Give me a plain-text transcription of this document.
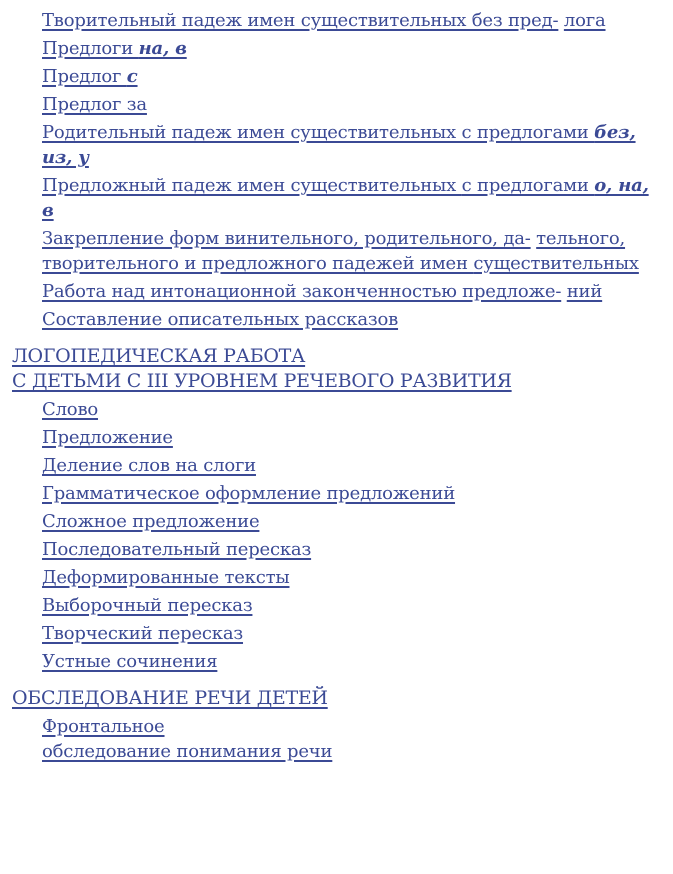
Творительный падеж имен существительных без пред- лога
Предлоги на, в
Предлог с
Предлог за
Родительный падеж имен существительных с предлогами без, из, у
Предложный падеж имен существительных с предлогами о, на, в
Закрепление форм винительного, родительного, да- тельного, творительного и предложного падежей имен существительных
Работа над интонационной законченностью предложе- ний
Составление описательных рассказов
ЛОГОПЕДИЧЕСКАЯ РАБОТА
С ДЕТЬМИ С III УРОВНЕМ РЕЧЕВОГО РАЗВИТИЯ
Слово
Предложение
Деление слов на слоги
Грамматическое оформление предложений
Сложное предложение
Последовательный пересказ
Деформированные тексты
Выборочный пересказ
Творческий пересказ
Устные сочинения
ОБСЛЕДОВАНИЕ РЕЧИ ДЕТЕЙ
Фронтальное
обследование понимания речи
